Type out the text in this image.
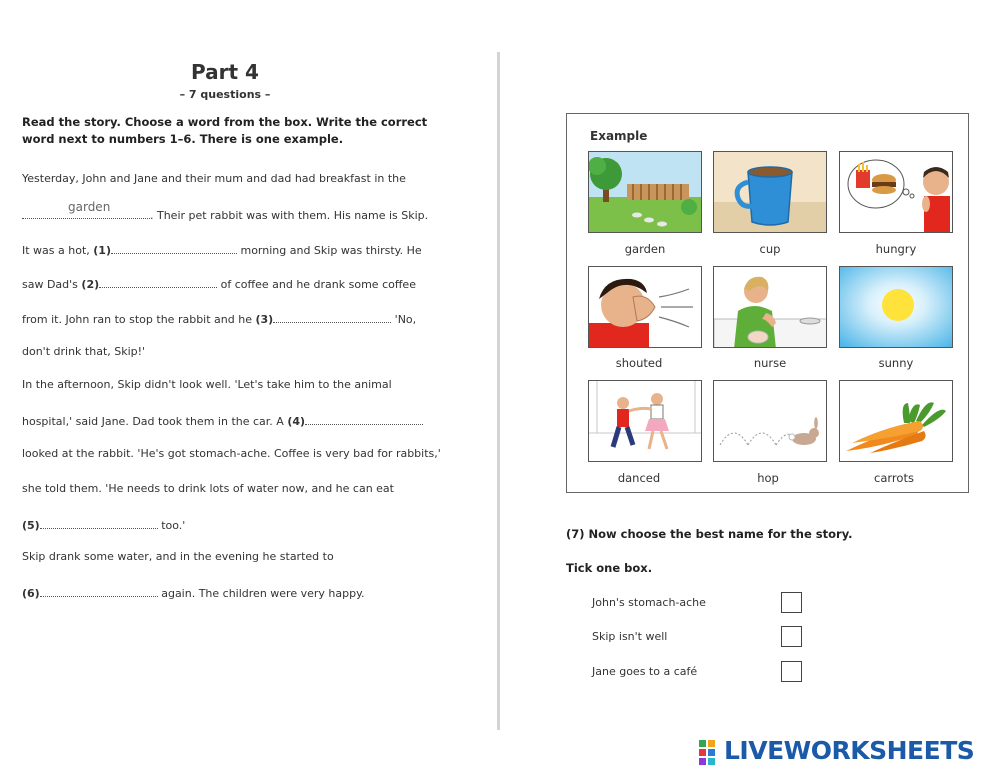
Part 4
– 7 questions –
Read the story. Choose a word from the box. Write the correct word next to numbers 1–6. There is one example.
Yesterday, John and Jane and their mum and dad had breakfast in the
garden
. Their pet rabbit was with them. His name is Skip.
It was a hot, (1)	morning and Skip was thirsty. He
saw Dad's (2)	of coffee and he drank some coffee
from it. John ran to stop the rabbit and he (3)	'No,
don't drink that, Skip!'
In the afternoon, Skip didn't look well. 'Let's take him to the animal
hospital,' said Jane. Dad took them in the car. A (4)
looked at the rabbit. 'He's got stomach-ache. Coffee is very bad for rabbits,'
she told them. 'He needs to drink lots of water now, and he can eat
(5)	too.'
Skip drank some water, and in the evening he started to
(6)	again. The children were very happy.
Example
garden	cup	hungry
shouted	nurse	sunny
danced	hop	carrots
(7) Now choose the best name for the story.
Tick one box.
John's stomach-ache
Skip isn't well
Jane goes to a café
LIVEWORKSHEETS
